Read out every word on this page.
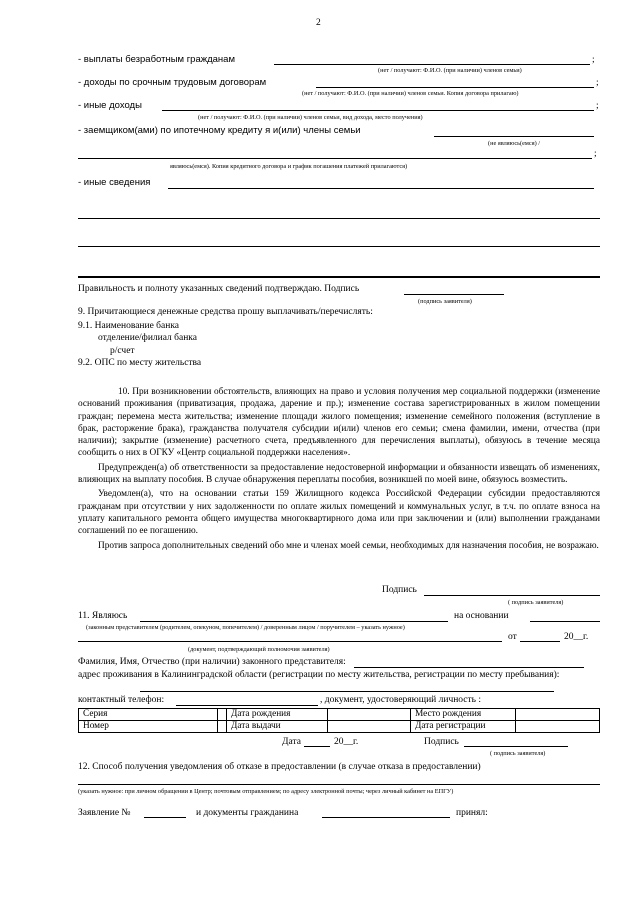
2
- выплаты безработным гражданам	;
(нет / получают: Ф.И.О. (при наличии) членов семьи)
- доходы по срочным трудовым договорам	;
(нет / получают: Ф.И.О. (при наличии) членов семьи. Копия договора прилагаю)
- иные доходы	;
(нет / получают: Ф.И.О. (при наличии) членов семьи, вид дохода, место получения)
- заемщиком(ами) по ипотечному кредиту я и(или) члены семьи
(не являюсь(емся) /
;
являюсь(емся). Копия кредитного договора и график погашения платежей прилагаются)
- иные сведения
Правильность и полноту указанных сведений подтверждаю. Подпись
(подпись заявителя)
9. Причитающиеся денежные средства прошу выплачивать/перечислять:
9.1. Наименование банка
отделение/филиал банка
р/счет
9.2. ОПС по месту жительства

10. При возникновении обстоятельств, влияющих на право и условия получения мер социальной поддержки (изменение оснований проживания (приватизация, продажа, дарение и пр.); изменение состава зарегистрированных в жилом помещении граждан; перемена места жительства; изменение площади жилого помещения; изменение семейного положения (вступление в брак, расторжение брака), гражданства получателя субсидии и(или) членов его семьи; смена фамилии, имени, отчества (при наличии); закрытие (изменение) расчетного счета, предъявленного для перечисления выплаты), обязуюсь в течение месяца сообщить о них в ОГКУ «Центр социальной поддержки населения».

Предупрежден(а) об ответственности за предоставление недостоверной информации и обязанности извещать об изменениях, влияющих на выплату пособия. В случае обнаружения переплаты пособия, возникшей по моей вине, обязуюсь возместить.

Уведомлен(а), что на основании статьи 159 Жилищного кодекса Российской Федерации субсидии предоставляются гражданам при отсутствии у них задолженности по оплате жилых помещений и коммунальных услуг, в т.ч. по оплате взноса на уплату капитального ремонта общего имущества многоквартирного дома или при заключении и (или) выполнении гражданами соглашений по ее погашению.

Против запроса дополнительных сведений обо мне и членах моей семьи, необходимых для назначения пособия, не возражаю.

Подпись
( подпись заявителя)
11. Являюсь	на основании
(законным представителем (родителем, опекуном, попечителем) / доверенным лицом / поручителем – указать нужное)
от	20__г.
(документ, подтверждающий полномочия заявителя)
Фамилия, Имя, Отчество (при наличии) законного представителя:
адрес проживания в Калининградской области (регистрации по месту жительства, регистрации по месту пребывания):
контактный телефон:	, документ, удостоверяющий личность :
Серия		Дата рождения		Место рождения	
Номер		Дата выдачи		Дата регистрации	
Дата	20__г.	Подпись
( подпись заявителя)
12. Способ получения уведомления об отказе в предоставлении (в случае отказа в предоставлении)
(указать нужное: при личном обращении в Центр; почтовым отправлением; по адресу электронной почты; через личный кабинет на ЕПГУ)
Заявление №	и документы гражданина	принял:
